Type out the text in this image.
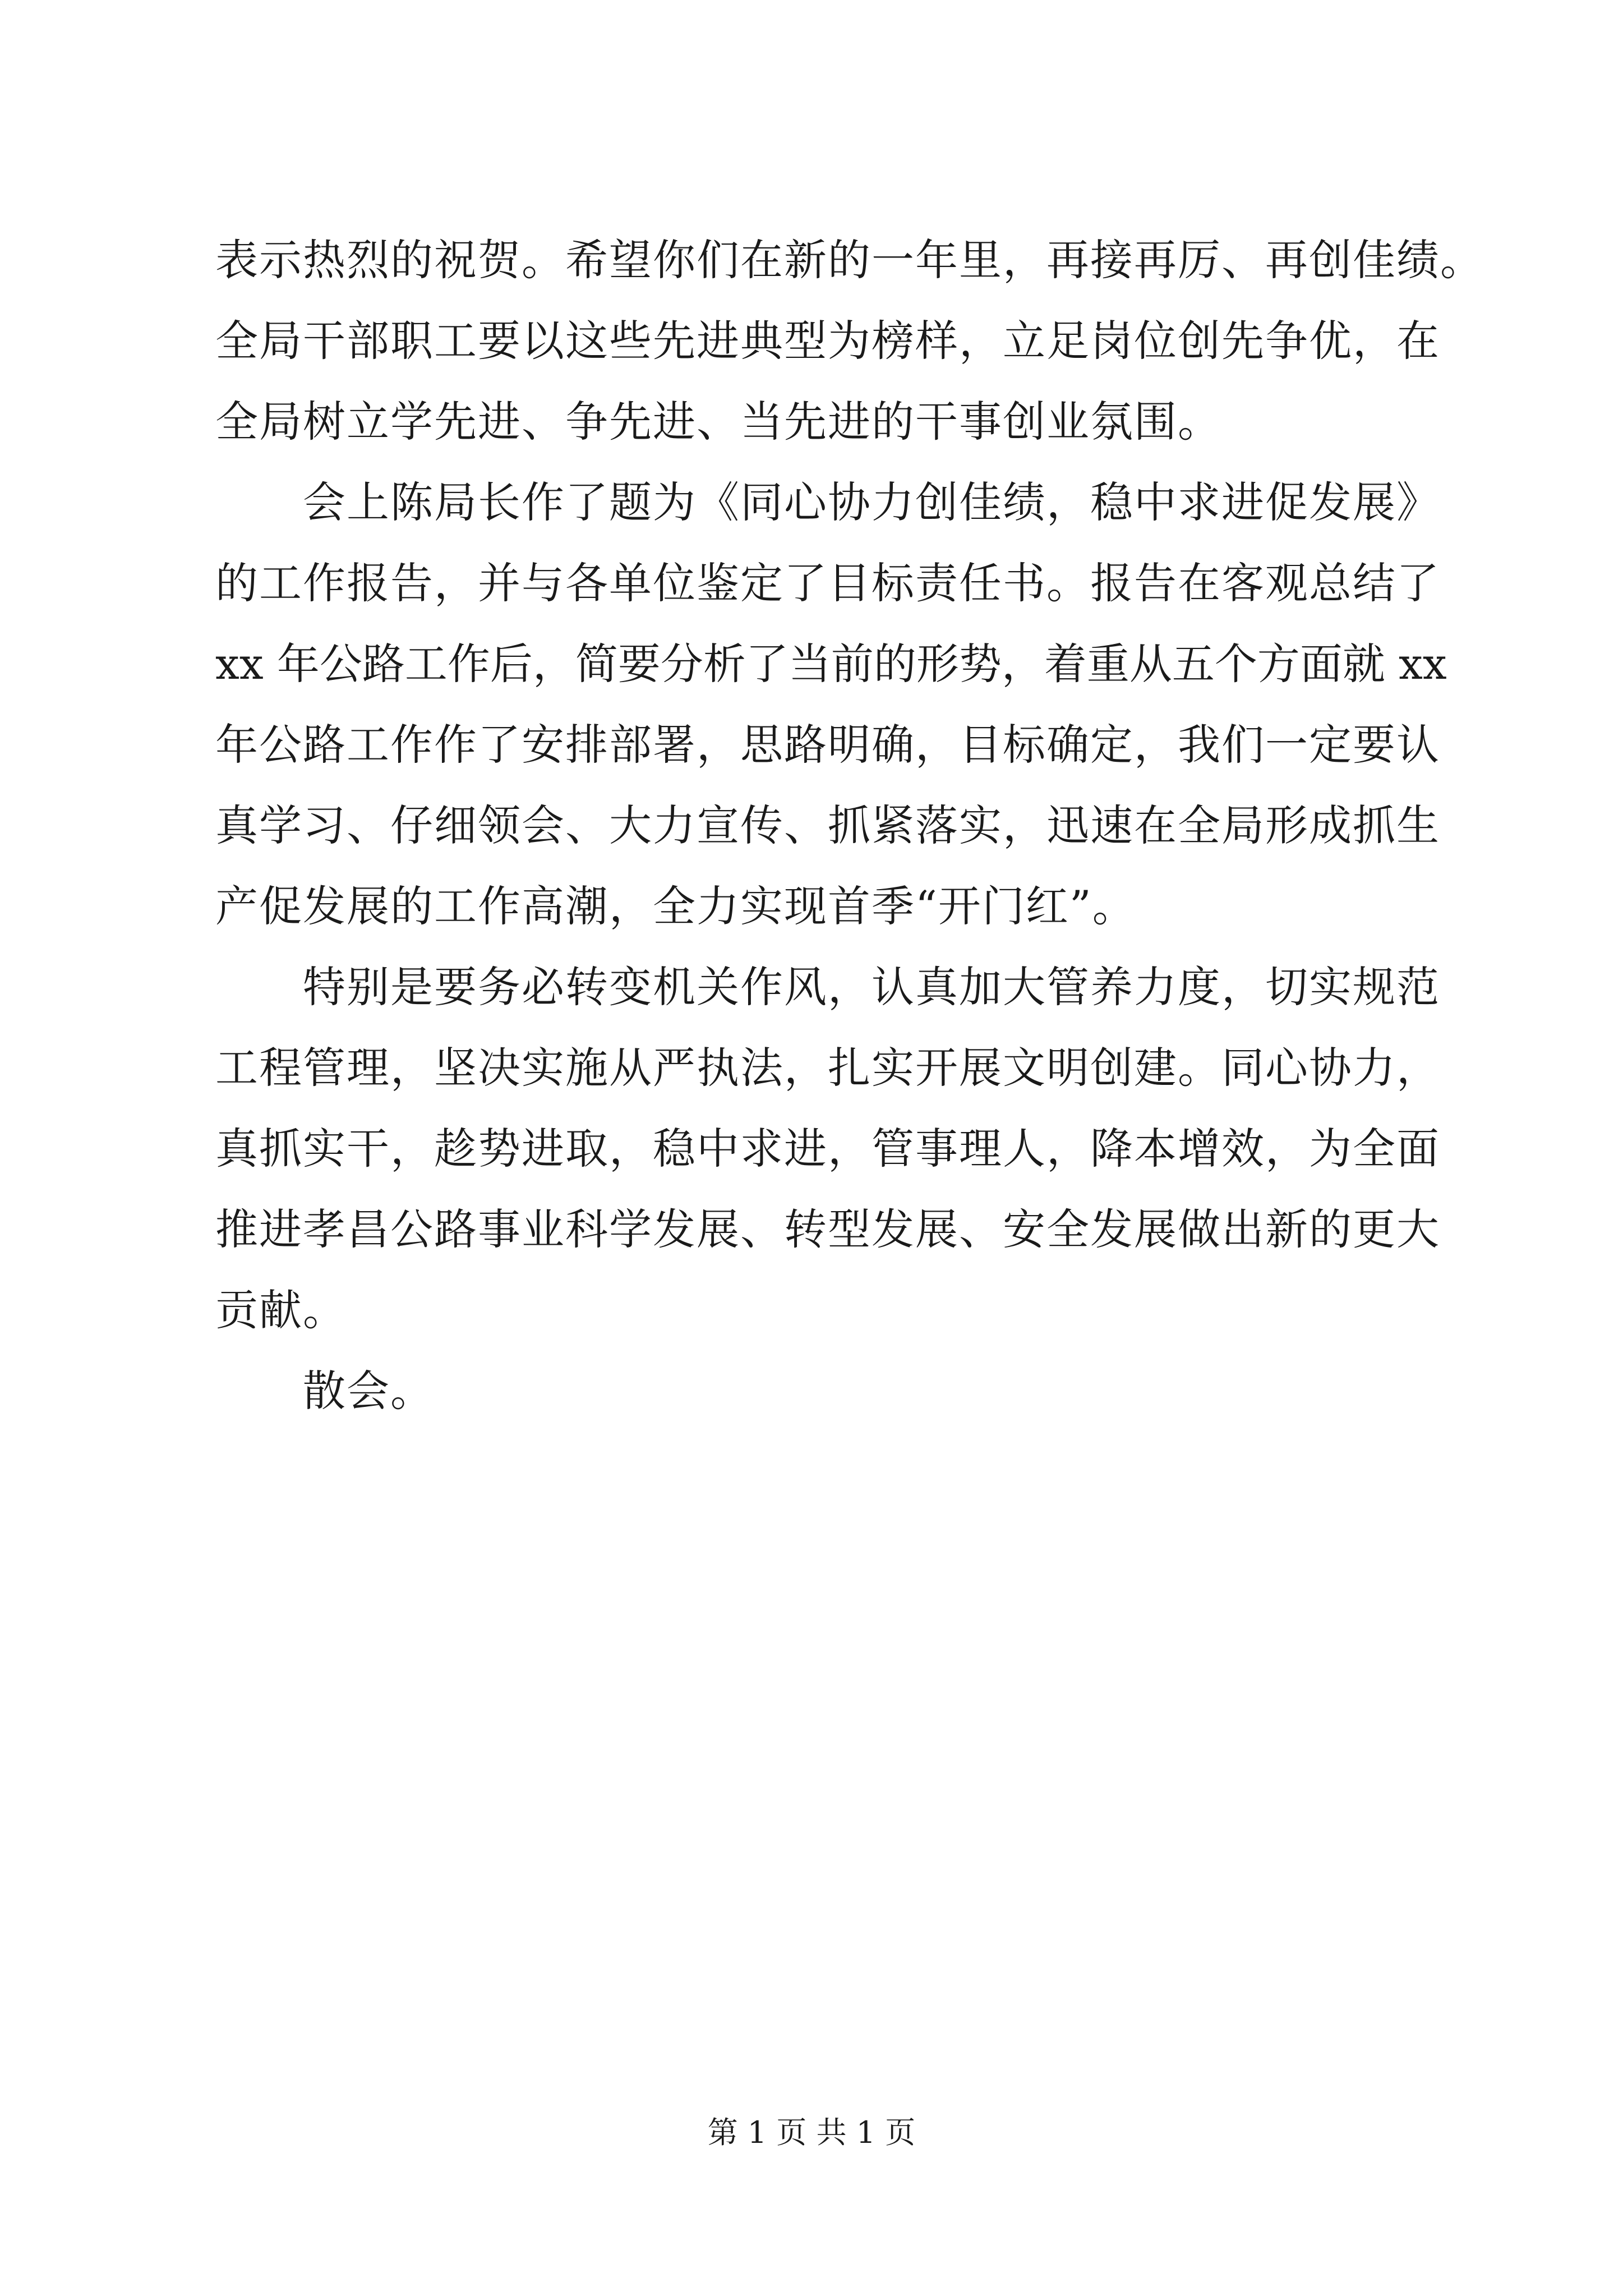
表示热烈的祝贺。希望你们在新的一年里，再接再厉、再创佳绩。
全局干部职工要以这些先进典型为榜样，立足岗位创先争优，在
全局树立学先进、争先进、当先进的干事创业氛围。
会上陈局长作了题为《同心协力创佳绩，稳中求进促发展》
的工作报告，并与各单位鉴定了目标责任书。报告在客观总结了
xx 年公路工作后，简要分析了当前的形势，着重从五个方面就 xx
年公路工作作了安排部署，思路明确，目标确定，我们一定要认
真学习、仔细领会、大力宣传、抓紧落实，迅速在全局形成抓生
产促发展的工作高潮，全力实现首季“开门红”。
特别是要务必转变机关作风，认真加大管养力度，切实规范
工程管理，坚决实施从严执法，扎实开展文明创建。同心协力，
真抓实干，趁势进取，稳中求进，管事理人，降本增效，为全面
推进孝昌公路事业科学发展、转型发展、安全发展做出新的更大
贡献。
散会。
第 1 页 共 1 页
